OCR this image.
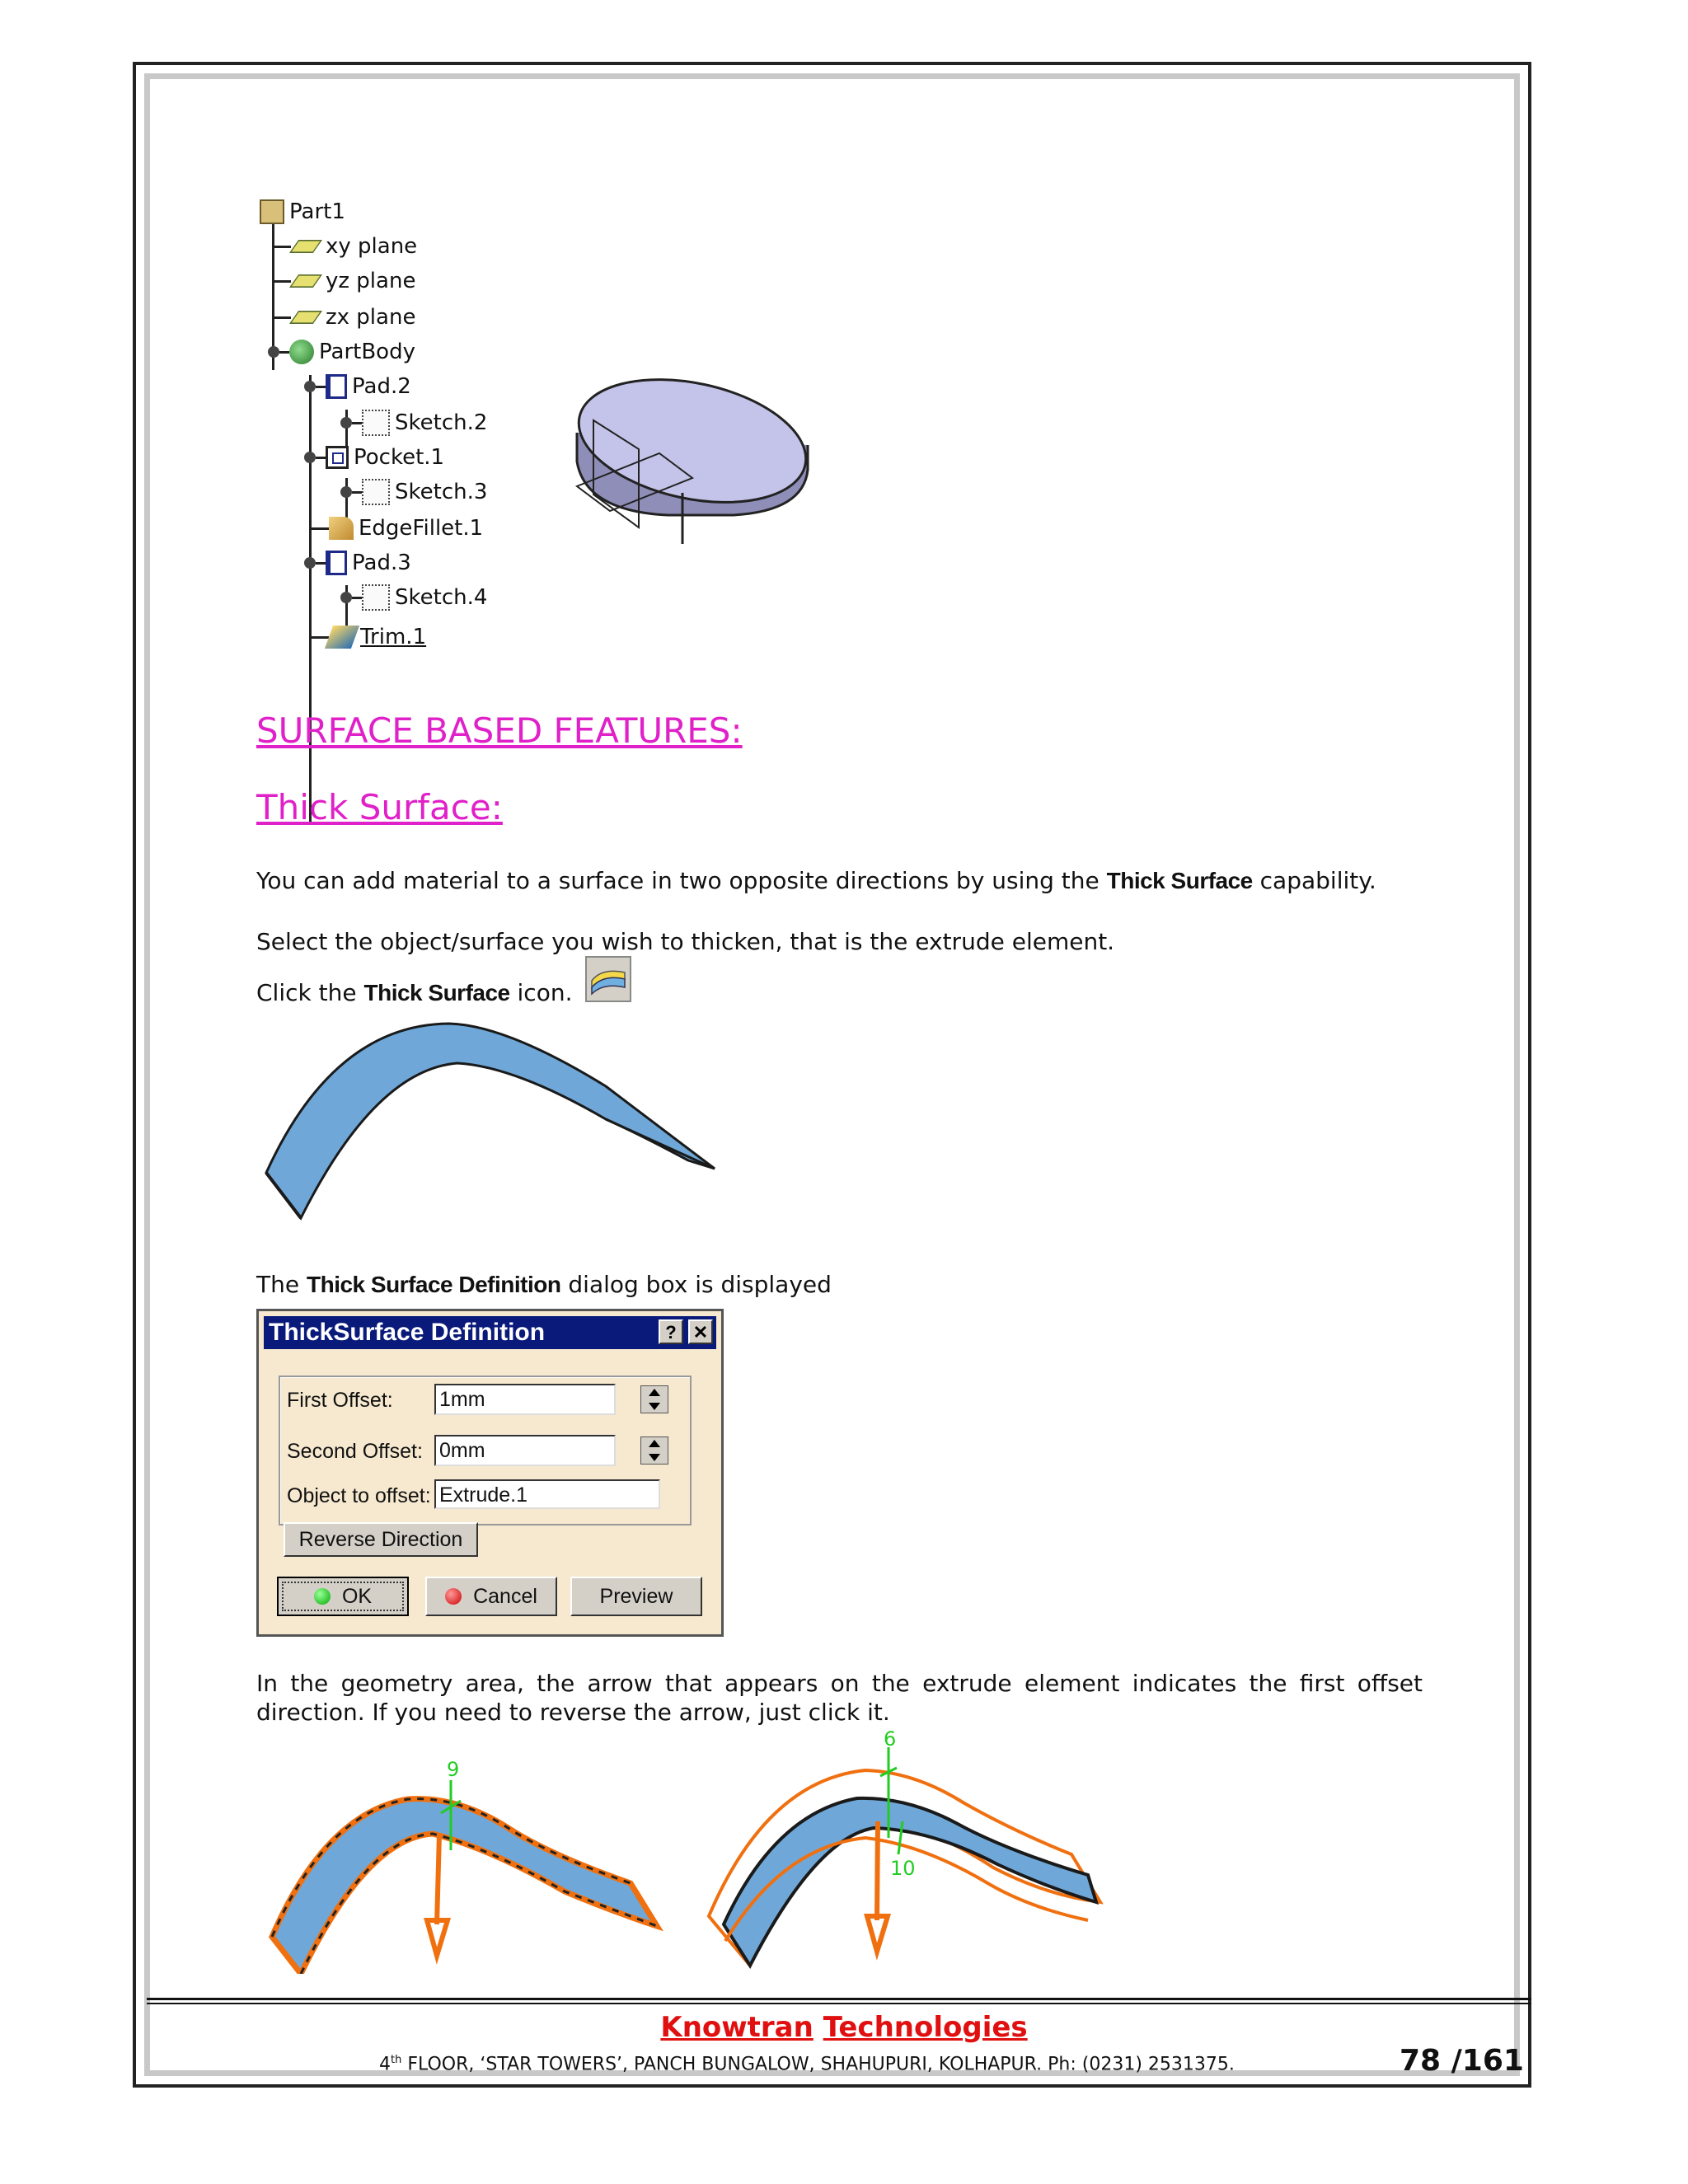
Part1
xy plane
yz plane
zx plane
PartBody
Pad.2
Sketch.2
Pocket.1
Sketch.3
EdgeFillet.1
Pad.3
Sketch.4
Trim.1
SURFACE BASED FEATURES:
Thick Surface:
You can add material to a surface in two opposite directions by using the Thick Surface capability.
Select the object/surface you wish to thicken, that is the extrude element.
Click the Thick Surface icon.
The Thick Surface Definition dialog box is displayed
ThickSurface Definition	? ✕
First Offset: 1mm
Second Offset: 0mm
Object to offset: Extrude.1
Reverse Direction
OK	Cancel	Preview
In the geometry area, the arrow that appears on the extrude element indicates the first offset direction. If you need to reverse the arrow, just click it.
9
6
10
Knowtran Technologies
4th FLOOR, ‘STAR TOWERS’, PANCH BUNGALOW, SHAHUPURI, KOLHAPUR. Ph: (0231) 2531375.	78 /161
